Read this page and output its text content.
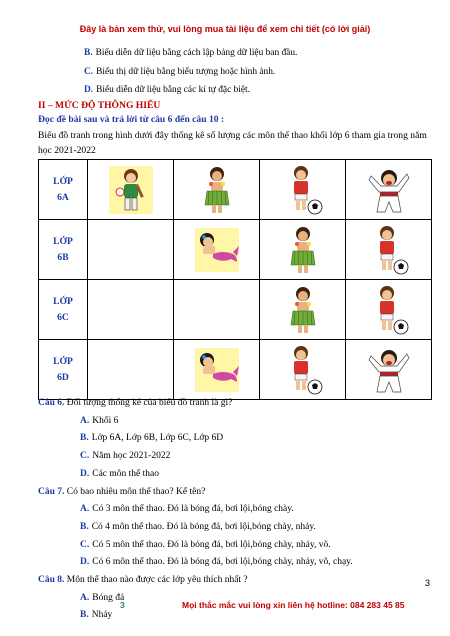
Đây là bản xem thử, vui lòng mua tài liệu để xem chi tiết (có lời giải)
B. Biểu diễn dữ liệu bằng cách lập bảng dữ liệu ban đầu.
C. Biểu thị dữ liệu bằng biểu tượng hoặc hình ảnh.
D. Biểu diễn dữ liệu bằng các kí tự đặc biệt.
II – MỨC ĐỘ THÔNG HIỂU
Đọc đề bài sau và trả lời từ câu 6 đến câu 10 :
Biểu đồ tranh trong hình dưới đây thống kê số lượng các môn thể thao khối lớp 6 tham gia trong năm học 2021-2022
LỚP
6A

LỚP
6B

LỚP
6C

LỚP
6D

Câu 6. Đối tượng thống kê của biểu đồ tranh là gì?
A. Khối 6
B. Lớp 6A, Lớp 6B, Lớp 6C, Lớp 6D
C. Năm học 2021-2022
D. Các môn thể thao
Câu 7. Có bao nhiêu môn thể thao? Kể tên?
A. Có 3 môn thể thao. Đó là bóng đá, bơi lội,bóng chày.
B. Có 4 môn thể thao. Đó là bóng đá, bơi lội,bóng chày, nhảy.
C. Có 5 môn thể thao. Đó là bóng đá, bơi lội,bóng chày, nhảy, võ.
D. Có 6 môn thể thao. Đó là bóng đá, bơi lội,bóng chày, nhảy, võ, chạy.
Câu 8. Môn thể thao nào được các lớp yêu thích nhất ?
A. Bóng đá
B. Nhảy
3
3	Mọi thắc mắc vui lòng xin liên hệ hotline: 084 283 45 85
